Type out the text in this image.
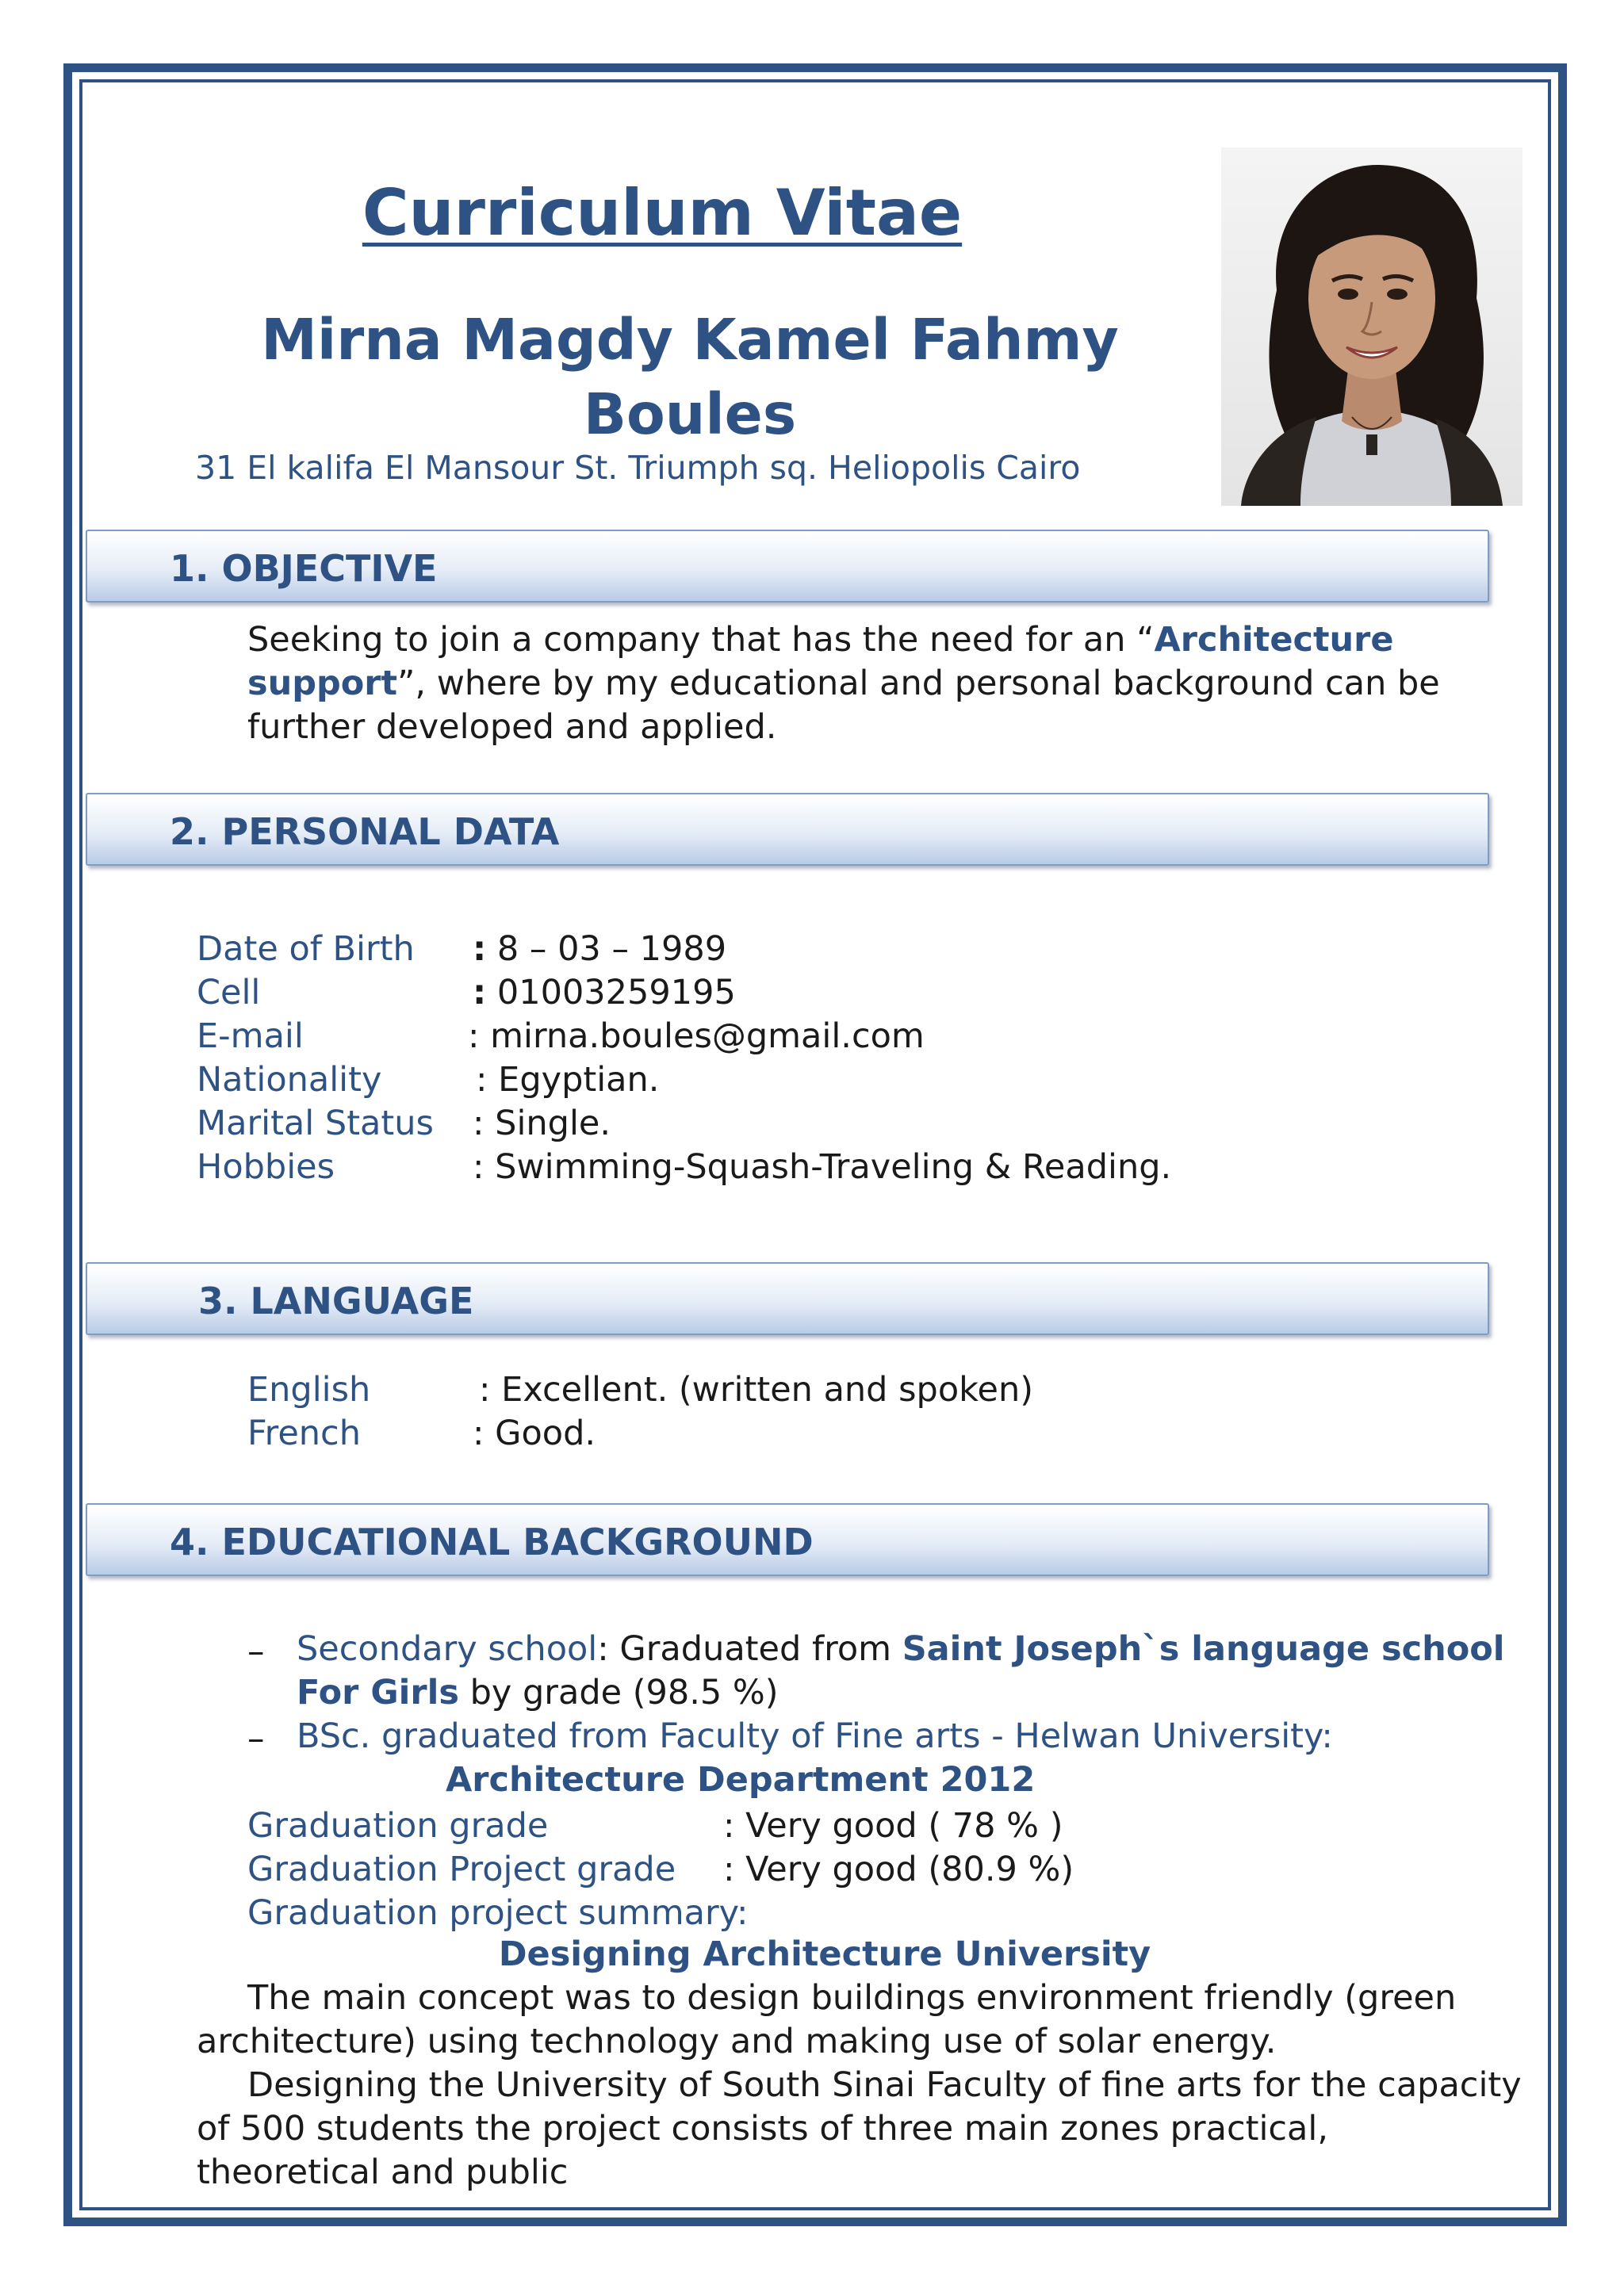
Curriculum Vitae
Mirna Magdy Kamel Fahmy
Boules
31 El kalifa El Mansour St. Triumph sq. Heliopolis Cairo
1. OBJECTIVE
Seeking to join a company that has the need for an “Architecture
support”, where by my educational and personal background can be
further developed and applied.
2. PERSONAL DATA
Date of Birth : 8 – 03 – 1989
Cell	: 01003259195
E-mail	: mirna.boules@gmail.com
Nationality	: Egyptian.
Marital Status : Single.
Hobbies	: Swimming-Squash-Traveling & Reading.
3. LANGUAGE
English	: Excellent. (written and spoken)
French	: Good.
4. EDUCATIONAL BACKGROUND
– Secondary school: Graduated from Saint Joseph`s language school
For Girls by grade (98.5 %)
– BSc. graduated from Faculty of Fine arts - Helwan University:
Architecture Department 2012
Graduation grade	: Very good ( 78 % )
Graduation Project grade : Very good (80.9 %)
Graduation project summary:
Designing Architecture University
The main concept was to design buildings environment friendly (green
architecture) using technology and making use of solar energy.
Designing the University of South Sinai Faculty of fine arts for the capacity
of 500 students the project consists of three main zones practical,
theoretical and public
